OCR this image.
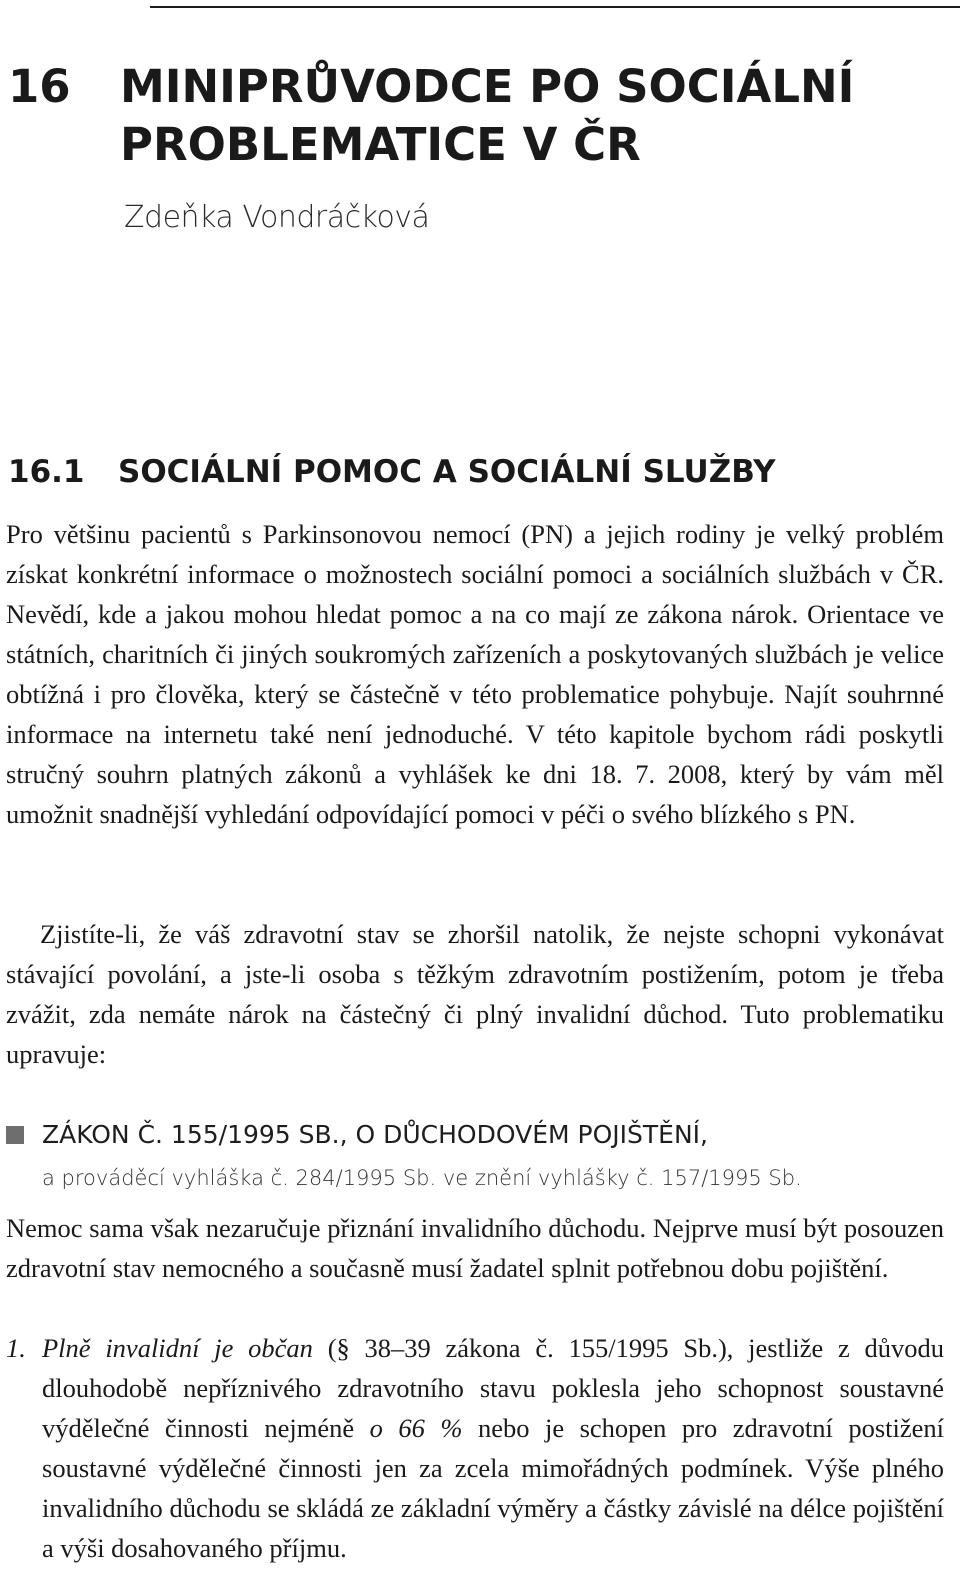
16 MINIPRŮVODCE PO SOCIÁLNÍ PROBLEMATICE V ČR
Zdeňka Vondráčková
16.1 SOCIÁLNÍ POMOC A SOCIÁLNÍ SLUŽBY

Pro většinu pacientů s Parkinsonovou nemocí (PN) a jejich rodiny je velký problém získat konkrétní informace o možnostech sociální pomoci a sociálních službách v ČR. Nevědí, kde a jakou mohou hledat pomoc a na co mají ze zákona nárok. Orientace ve státních, charitních či jiných soukromých zařízeních a poskytovaných službách je velice obtížná i pro člověka, který se částečně v této problematice pohybuje. Najít souhrnné informace na internetu také není jednoduché. V této kapitole bychom rádi poskytli stručný souhrn platných zákonů a vyhlášek ke dni 18. 7. 2008, který by vám měl umožnit snadnější vyhledání odpovídající pomoci v péči o svého blízkého s PN.

Zjistíte-li, že váš zdravotní stav se zhoršil natolik, že nejste schopni vykonávat stávající povolání, a jste-li osoba s těžkým zdravotním postižením, potom je třeba zvážit, zda nemáte nárok na částečný či plný invalidní důchod. Tuto problematiku upravuje:

ZÁKON Č. 155/1995 SB., O DŮCHODOVÉM POJIŠTĚNÍ,
a prováděcí vyhláška č. 284/1995 Sb. ve znění vyhlášky č. 157/1995 Sb.

Nemoc sama však nezaručuje přiznání invalidního důchodu. Nejprve musí být posouzen zdravotní stav nemocného a současně musí žadatel splnit potřebnou dobu pojištění.

1. Plně invalidní je občan (§ 38–39 zákona č. 155/1995 Sb.), jestliže z důvodu dlouhodobě nepříznivého zdravotního stavu poklesla jeho schopnost soustavné výdělečné činnosti nejméně o 66 % nebo je schopen pro zdravotní postižení soustavné výdělečné činnosti jen za zcela mimořádných podmínek. Výše plného invalidního důchodu se skládá ze základní výměry a částky závislé na délce pojištění a výši dosahovaného příjmu.
